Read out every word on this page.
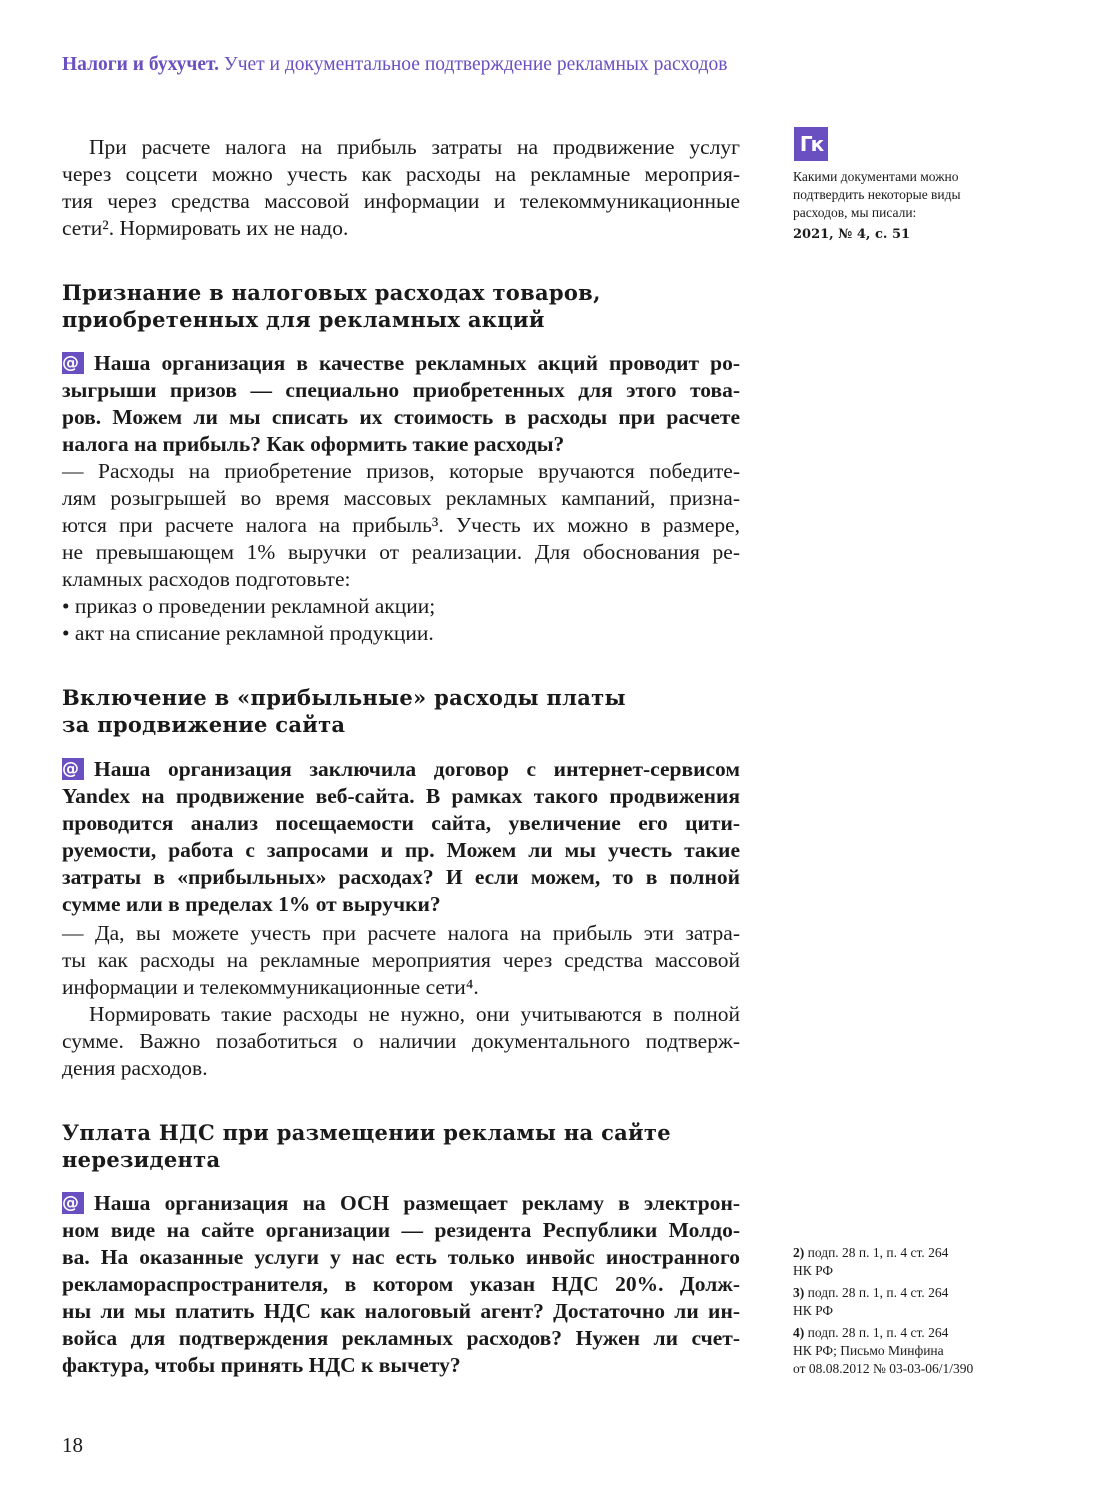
Налоги и бухучет. Учет и документальное подтверждение рекламных расходов
При расчете налога на прибыль затраты на продвижение услуг
через соцсети можно учесть как расходы на рекламные мероприя-
тия через средства массовой информации и телекоммуникационные
сети². Нормировать их не надо.
Признание в налоговых расходах товаров,
приобретенных для рекламных акций
@ Наша организация в качестве рекламных акций проводит ро-
зыгрыши призов — специально приобретенных для этого това-
ров. Можем ли мы списать их стоимость в расходы при расчете
налога на прибыль? Как оформить такие расходы?
— Расходы на приобретение призов, которые вручаются победите-
лям розыгрышей во время массовых рекламных кампаний, призна-
ются при расчете налога на прибыль³. Учесть их можно в размере,
не превышающем 1% выручки от реализации. Для обоснования ре-
кламных расходов подготовьте:
• приказ о проведении рекламной акции;
• акт на списание рекламной продукции.
Включение в «прибыльные» расходы платы
за продвижение сайта
@ Наша организация заключила договор с интернет-сервисом
Yandex на продвижение веб-сайта. В рамках такого продвижения
проводится анализ посещаемости сайта, увеличение его цити-
руемости, работа с запросами и пр. Можем ли мы учесть такие
затраты в «прибыльных» расходах? И если можем, то в полной
сумме или в пределах 1% от выручки?
— Да, вы можете учесть при расчете налога на прибыль эти затра-
ты как расходы на рекламные мероприятия через средства массовой
информации и телекоммуникационные сети⁴.
Нормировать такие расходы не нужно, они учитываются в полной
сумме. Важно позаботиться о наличии документального подтверж-
дения расходов.
Уплата НДС при размещении рекламы на сайте
нерезидента
@ Наша организация на ОСН размещает рекламу в электрон-
ном виде на сайте организации — резидента Республики Молдо-
ва. На оказанные услуги у нас есть только инвойс иностранного
рекламораспространителя, в котором указан НДС 20%. Долж-
ны ли мы платить НДС как налоговый агент? Достаточно ли ин-
войса для подтверждения рекламных расходов? Нужен ли счет-
фактура, чтобы принять НДС к вычету?
Гк
Какими документами можно
подтвердить некоторые виды
расходов, мы писали:
2021, № 4, с. 51
2) подп. 28 п. 1, п. 4 ст. 264
НК РФ
3) подп. 28 п. 1, п. 4 ст. 264
НК РФ
4) подп. 28 п. 1, п. 4 ст. 264
НК РФ; Письмо Минфина
от 08.08.2012 № 03-03-06/1/390
18
